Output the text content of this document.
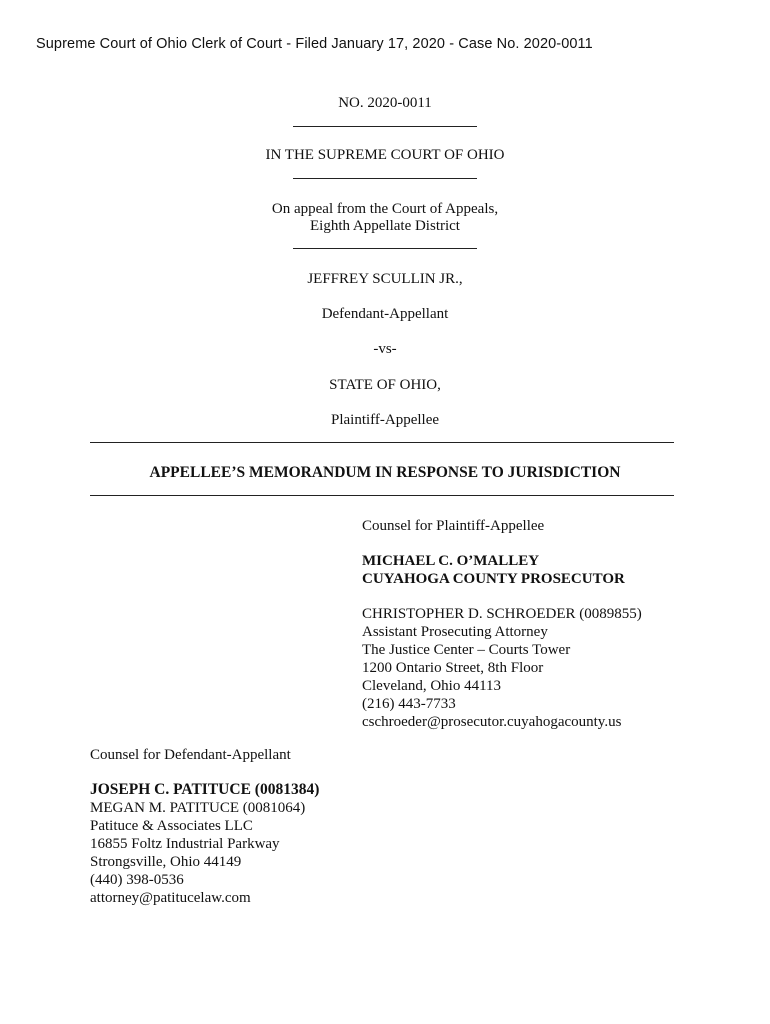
Supreme Court of Ohio Clerk of Court - Filed January 17, 2020 - Case No. 2020-0011
NO. 2020-0011
IN THE SUPREME COURT OF OHIO
On appeal from the Court of Appeals,
Eighth Appellate District
JEFFREY SCULLIN JR.,
Defendant-Appellant
-vs-
STATE OF OHIO,
Plaintiff-Appellee
APPELLEE’S MEMORANDUM IN RESPONSE TO JURISDICTION
Counsel for Plaintiff-Appellee
MICHAEL C. O’MALLEY
CUYAHOGA COUNTY PROSECUTOR
CHRISTOPHER D. SCHROEDER (0089855)
Assistant Prosecuting Attorney
The Justice Center – Courts Tower
1200 Ontario Street, 8th Floor
Cleveland, Ohio 44113
(216) 443-7733
cschroeder@prosecutor.cuyahogacounty.us
Counsel for Defendant-Appellant
JOSEPH C. PATITUCE (0081384)
MEGAN M. PATITUCE (0081064)
Patituce & Associates LLC
16855 Foltz Industrial Parkway
Strongsville, Ohio 44149
(440) 398-0536
attorney@patitucelaw.com
